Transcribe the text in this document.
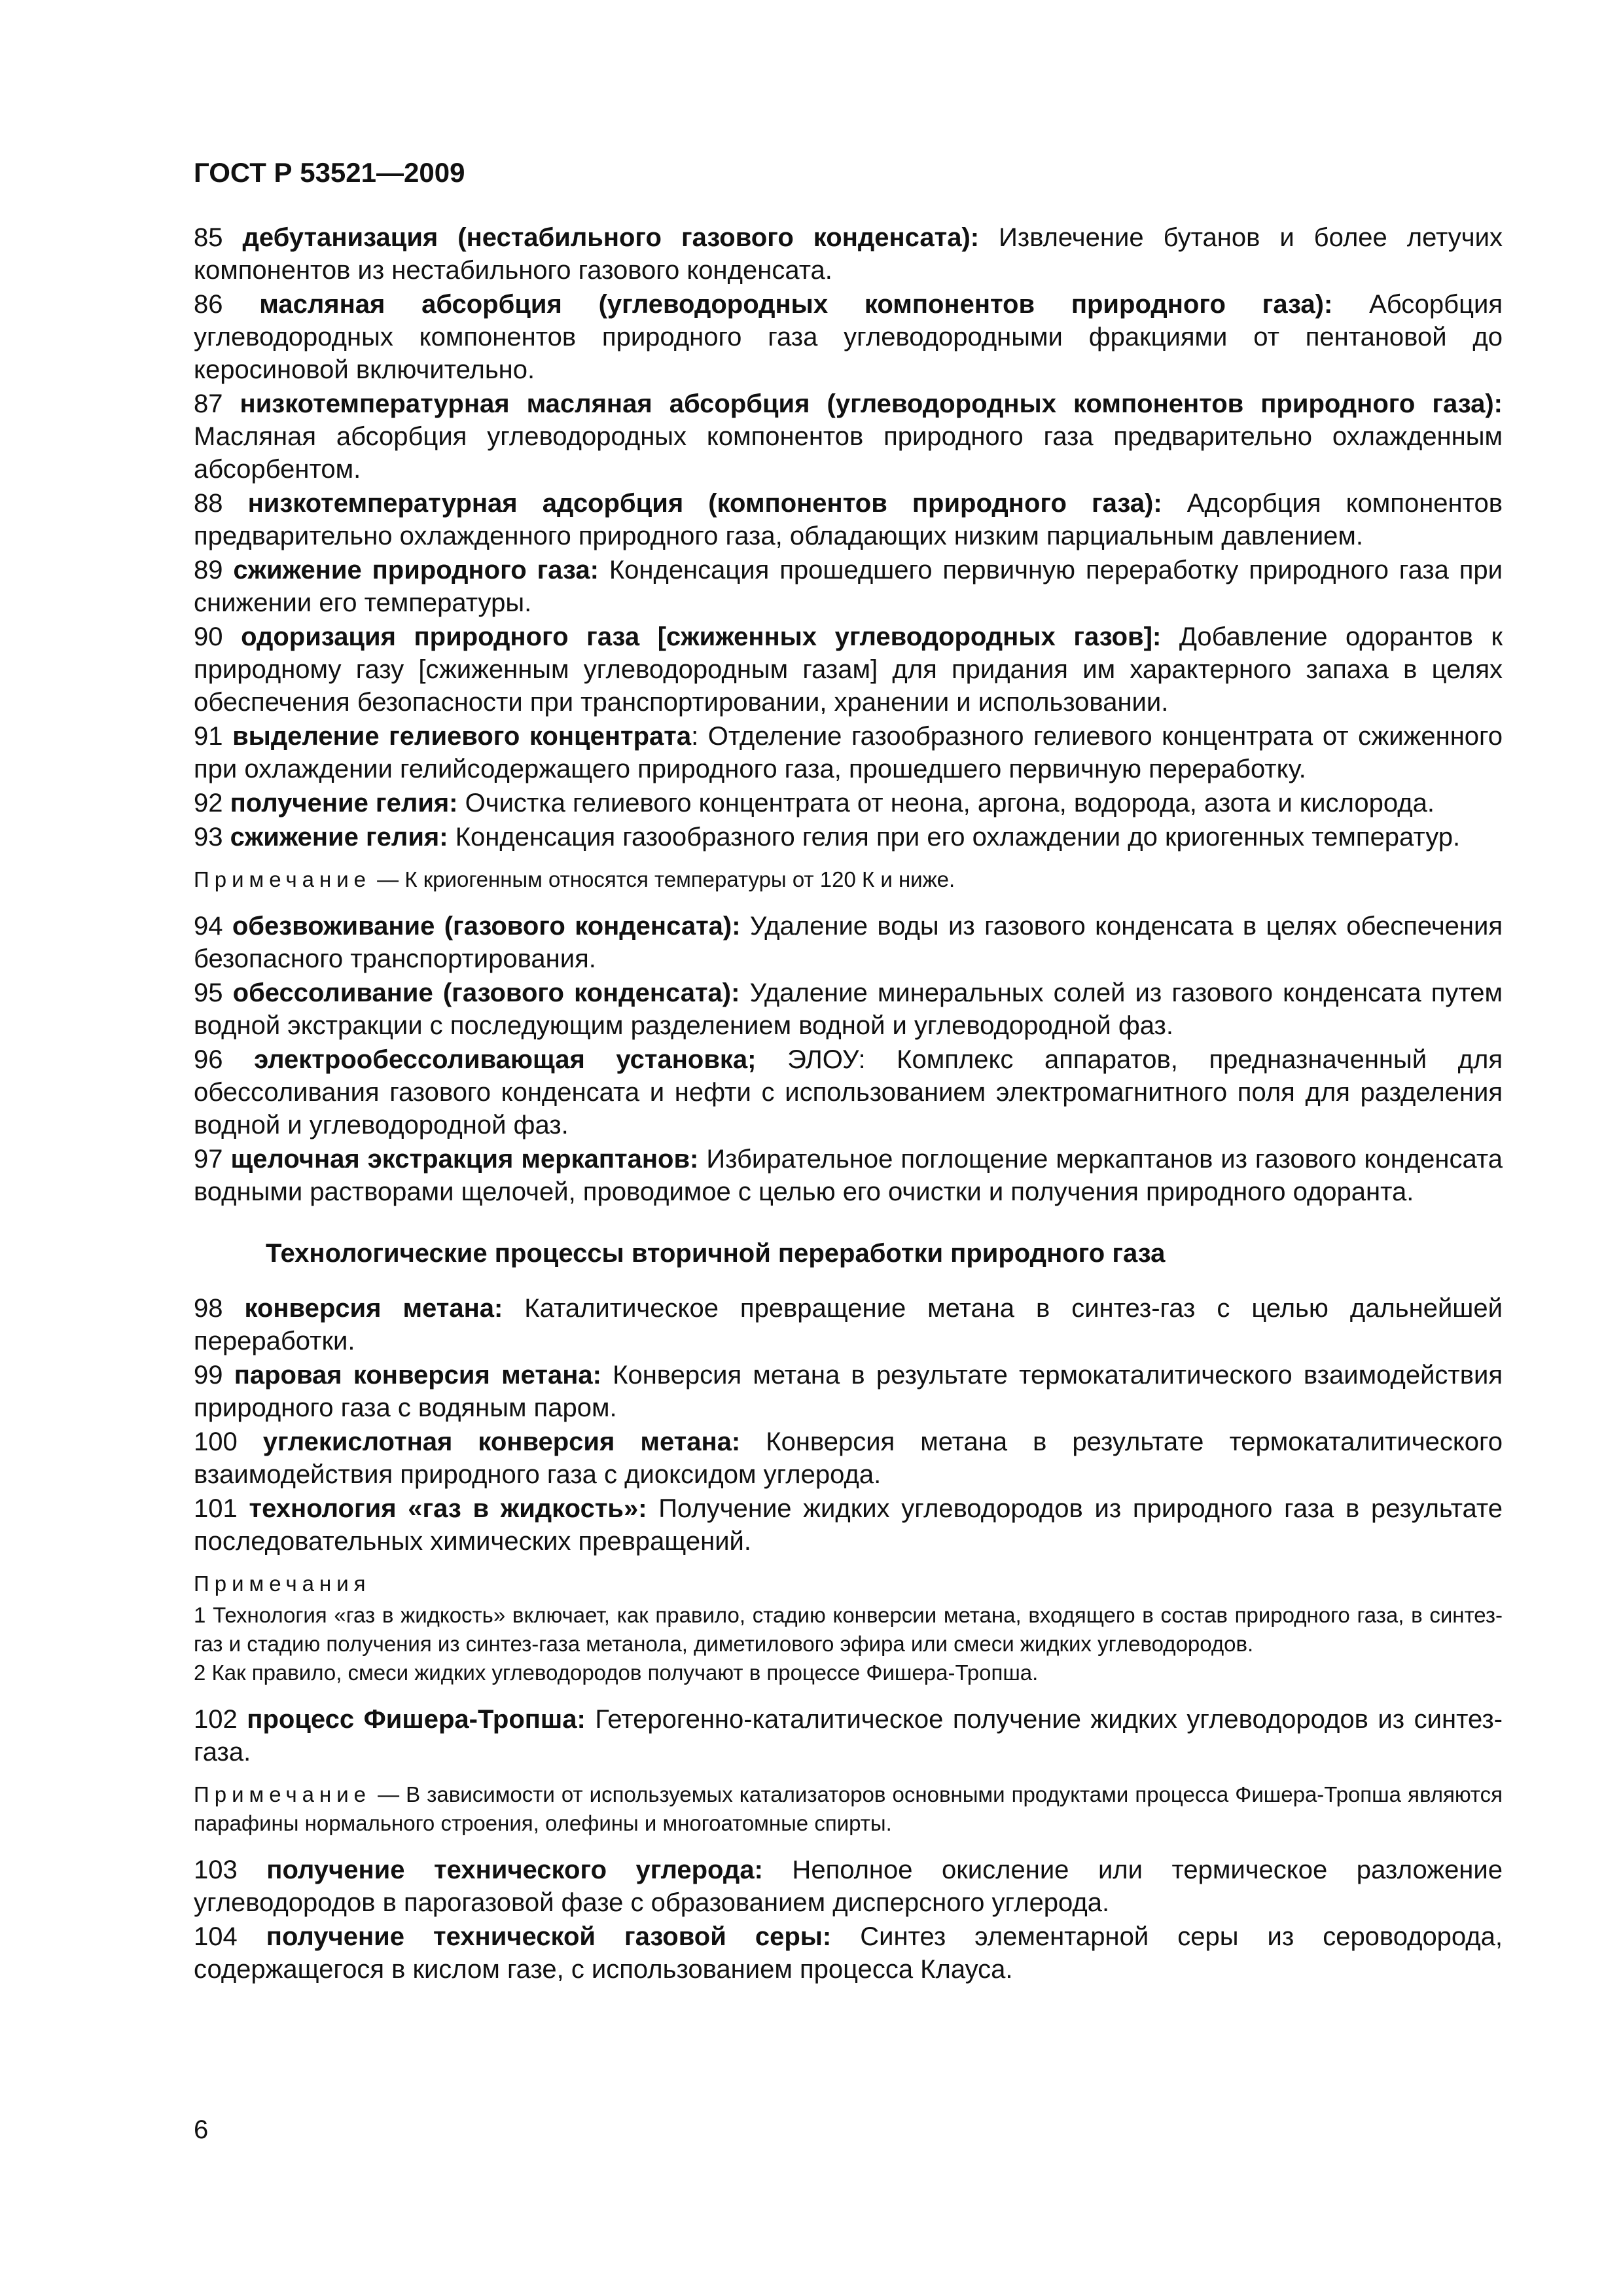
ГОСТ Р 53521—2009

85 дебутанизация (нестабильного газового конденсата): Извлечение бутанов и более летучих компонентов из нестабильного газового конденсата.

86 масляная абсорбция (углеводородных компонентов природного газа): Абсорбция углеводородных компонентов природного газа углеводородными фракциями от пентановой до керосиновой включительно.

87 низкотемпературная масляная абсорбция (углеводородных компонентов природного газа): Масляная абсорбция углеводородных компонентов природного газа предварительно охлажденным абсорбентом.

88 низкотемпературная адсорбция (компонентов природного газа): Адсорбция компонентов предварительно охлажденного природного газа, обладающих низким парциальным давлением.

89 сжижение природного газа: Конденсация прошедшего первичную переработку природного газа при снижении его температуры.

90 одоризация природного газа [сжиженных углеводородных газов]: Добавление одорантов к природному газу [сжиженным углеводородным газам] для придания им характерного запаха в целях обеспечения безопасности при транспортировании, хранении и использовании.

91 выделение гелиевого концентрата: Отделение газообразного гелиевого концентрата от сжиженного при охлаждении гелийсодержащего природного газа, прошедшего первичную переработку.

92 получение гелия: Очистка гелиевого концентрата от неона, аргона, водорода, азота и кислорода.

93 сжижение гелия: Конденсация газообразного гелия при его охлаждении до криогенных температур.

Примечание — К криогенным относятся температуры от 120 К и ниже.

94 обезвоживание (газового конденсата): Удаление воды из газового конденсата в целях обеспечения безопасного транспортирования.

95 обессоливание (газового конденсата): Удаление минеральных солей из газового конденсата путем водной экстракции с последующим разделением водной и углеводородной фаз.

96 электрообессоливающая установка; ЭЛОУ: Комплекс аппаратов, предназначенный для обессоливания газового конденсата и нефти с использованием электромагнитного поля для разделения водной и углеводородной фаз.

97 щелочная экстракция меркаптанов: Избирательное поглощение меркаптанов из газового конденсата водными растворами щелочей, проводимое с целью его очистки и получения природного одоранта.

Технологические процессы вторичной переработки природного газа

98 конверсия метана: Каталитическое превращение метана в синтез-газ с целью дальнейшей переработки.

99 паровая конверсия метана: Конверсия метана в результате термокаталитического взаимодействия природного газа с водяным паром.

100 углекислотная конверсия метана: Конверсия метана в результате термокаталитического взаимодействия природного газа с диоксидом углерода.

101 технология «газ в жидкость»: Получение жидких углеводородов из природного газа в результате последовательных химических превращений.

Примечания
1 Технология «газ в жидкость» включает, как правило, стадию конверсии метана, входящего в состав природного газа, в синтез-газ и стадию получения из синтез-газа метанола, диметилового эфира или смеси жидких углеводородов.
2 Как правило, смеси жидких углеводородов получают в процессе Фишера-Тропша.

102 процесс Фишера-Тропша: Гетерогенно-каталитическое получение жидких углеводородов из синтез-газа.

Примечание — В зависимости от используемых катализаторов основными продуктами процесса Фишера-Тропша являются парафины нормального строения, олефины и многоатомные спирты.

103 получение технического углерода: Неполное окисление или термическое разложение углеводородов в парогазовой фазе с образованием дисперсного углерода.

104 получение технической газовой серы: Синтез элементарной серы из сероводорода, содержащегося в кислом газе, с использованием процесса Клауса.

6
